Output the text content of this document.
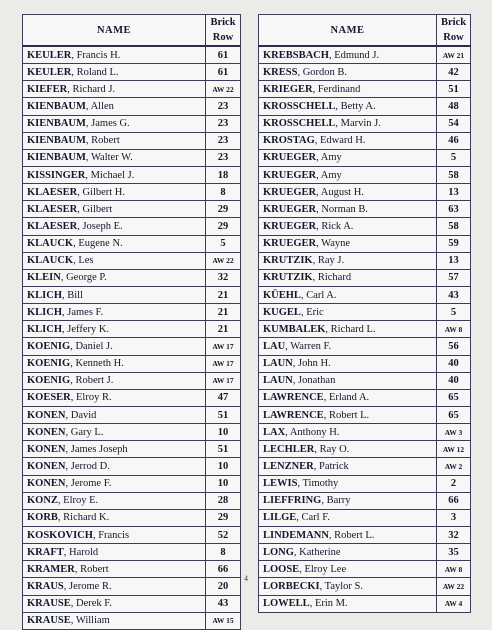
NAME	Brick
Row

KEULER, Francis H.	61
KEULER, Roland L.	61
KIEFER, Richard J.	AW 22
KIENBAUM, Allen	23
KIENBAUM, James G.	23
KIENBAUM, Robert	23
KIENBAUM, Walter W.	23
KISSINGER, Michael J.	18
KLAESER, Gilbert H.	8
KLAESER, Gilbert	29
KLAESER, Joseph E.	29
KLAUCK, Eugene N.	5
KLAUCK, Les	AW 22
KLEIN, George P.	32
KLICH, Bill	21
KLICH, James F.	21
KLICH, Jeffery K.	21
KOENIG, Daniel J.	AW 17
KOENIG, Kenneth H.	AW 17
KOENIG, Robert J.	AW 17
KOESER, Elroy R.	47
KONEN, David	51
KONEN, Gary L.	10
KONEN, James Joseph	51
KONEN, Jerrod D.	10
KONEN, Jerome F.	10
KONZ, Elroy E.	28
KORB, Richard K.	29
KOSKOVICH, Francis	52
KRAFT, Harold	8
KRAMER, Robert	66
KRAUS, Jerome R.	20
KRAUSE, Derek F.	43
KRAUSE, William	AW 15
NAME	Brick
Row

KREBSBACH, Edmund J.	AW 21
KRESS, Gordon B.	42
KRIEGER, Ferdinand	51
KROSSCHELL, Betty A.	48
KROSSCHELL, Marvin J.	54
KROSTAG, Edward H.	46
KRUEGER, Amy	5
KRUEGER, Amy	58
KRUEGER, August H.	13
KRUEGER, Norman B.	63
KRUEGER, Rick A.	58
KRUEGER, Wayne	59
KRUTZIK, Ray J.	13
KRUTZIK, Richard	57
KŪEHL, Carl A.	43
KUGEL, Eric	5
KUMBALEK, Richard L.	AW 8
LAU, Warren F.	56
LAUN, John H.	40
LAUN, Jonathan	40
LAWRENCE, Erland A.	65
LAWRENCE, Robert L.	65
LAX, Anthony H.	AW 3
LECHLER, Ray O.	AW 12
LENZNER, Patrick	AW 2
LEWIS, Timothy	2
LIEFFRING, Barry	66
LILGE, Carl F.	3
LINDEMANN, Robert L.	32
LONG, Katherine	35
LOOSE, Elroy Lee	AW 8
LORBECKI, Taylor S.	AW 22
LOWELL, Erin M.	AW 4
4
